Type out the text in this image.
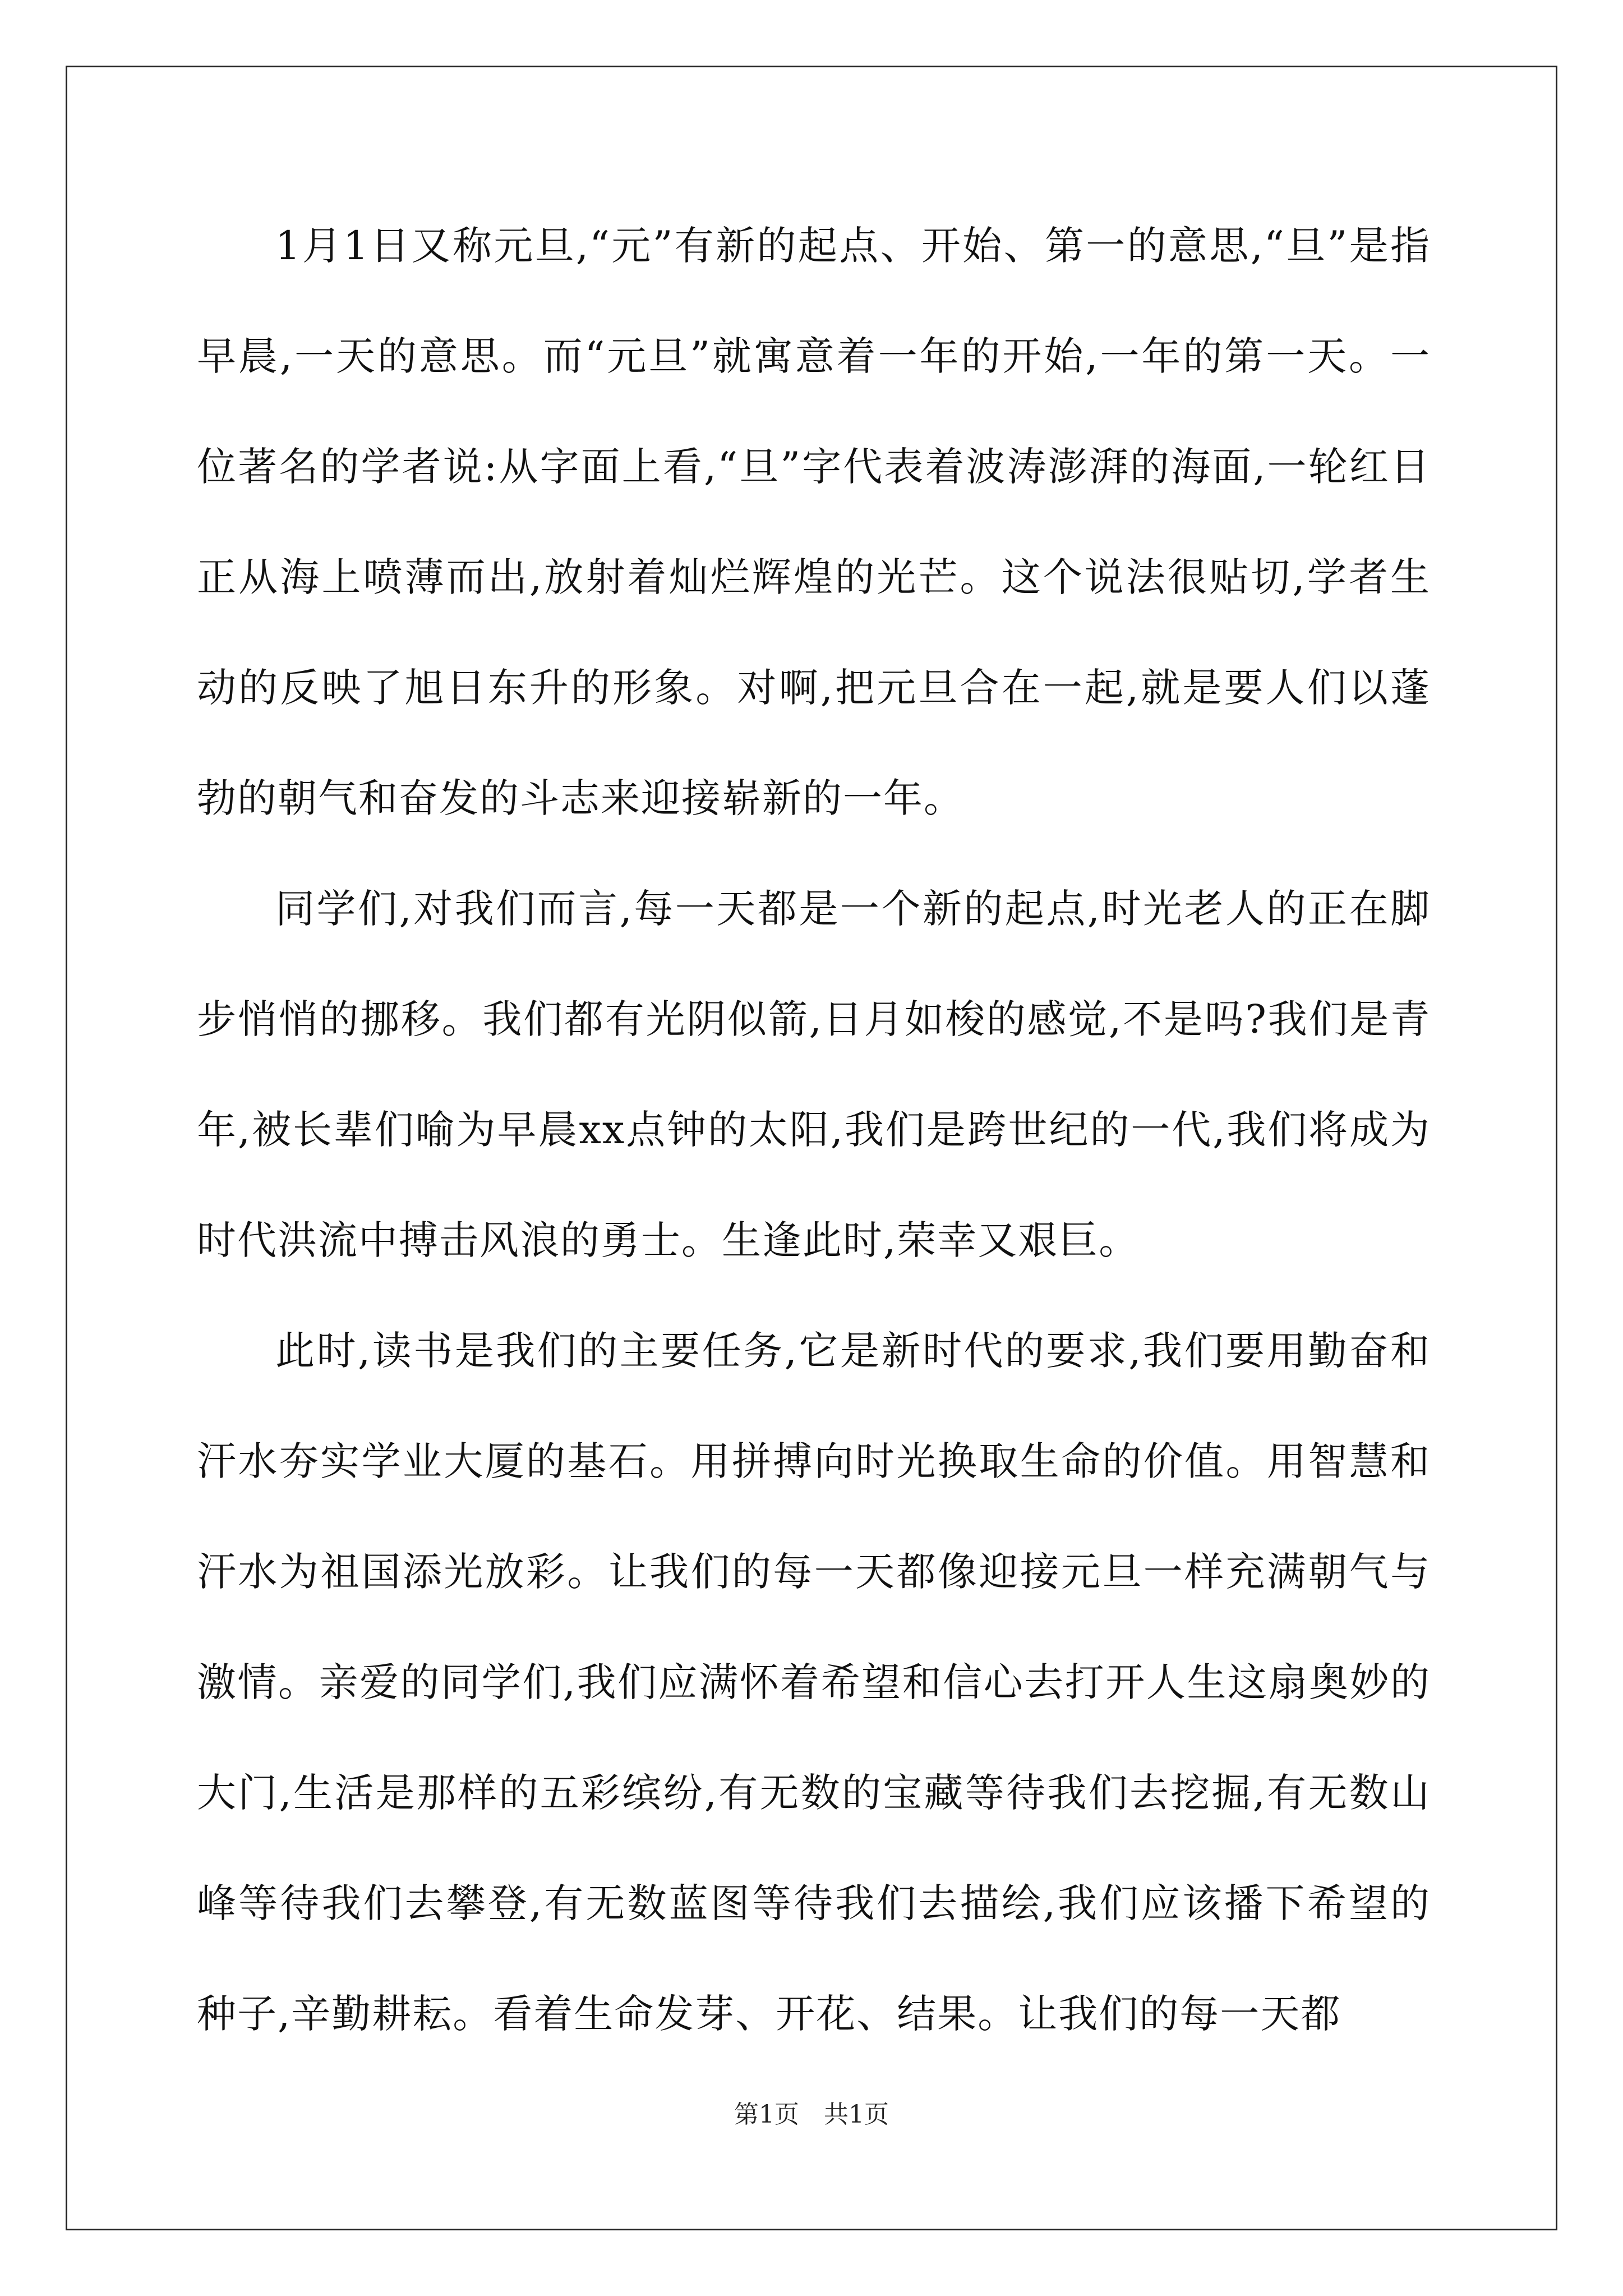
1月1日又称元旦,“元”有新的起点、开始、第一的意思,“旦”是指早晨,一天的意思。而“元旦”就寓意着一年的开始,一年的第一天。一位著名的学者说:从字面上看,“旦”字代表着波涛澎湃的海面,一轮红日正从海上喷薄而出,放射着灿烂辉煌的光芒。这个说法很贴切,学者生动的反映了旭日东升的形象。对啊,把元旦合在一起,就是要人们以蓬勃的朝气和奋发的斗志来迎接崭新的一年。

同学们,对我们而言,每一天都是一个新的起点,时光老人的正在脚步悄悄的挪移。我们都有光阴似箭,日月如梭的感觉,不是吗?我们是青年,被长辈们喻为早晨xx点钟的太阳,我们是跨世纪的一代,我们将成为时代洪流中搏击风浪的勇士。生逢此时,荣幸又艰巨。

此时,读书是我们的主要任务,它是新时代的要求,我们要用勤奋和汗水夯实学业大厦的基石。用拼搏向时光换取生命的价值。用智慧和汗水为祖国添光放彩。让我们的每一天都像迎接元旦一样充满朝气与激情。亲爱的同学们,我们应满怀着希望和信心去打开人生这扇奥妙的大门,生活是那样的五彩缤纷,有无数的宝藏等待我们去挖掘,有无数山峰等待我们去攀登,有无数蓝图等待我们去描绘,我们应该播下希望的种子,辛勤耕耘。看着生命发芽、开花、结果。让我们的每一天都

第1页　共1页
